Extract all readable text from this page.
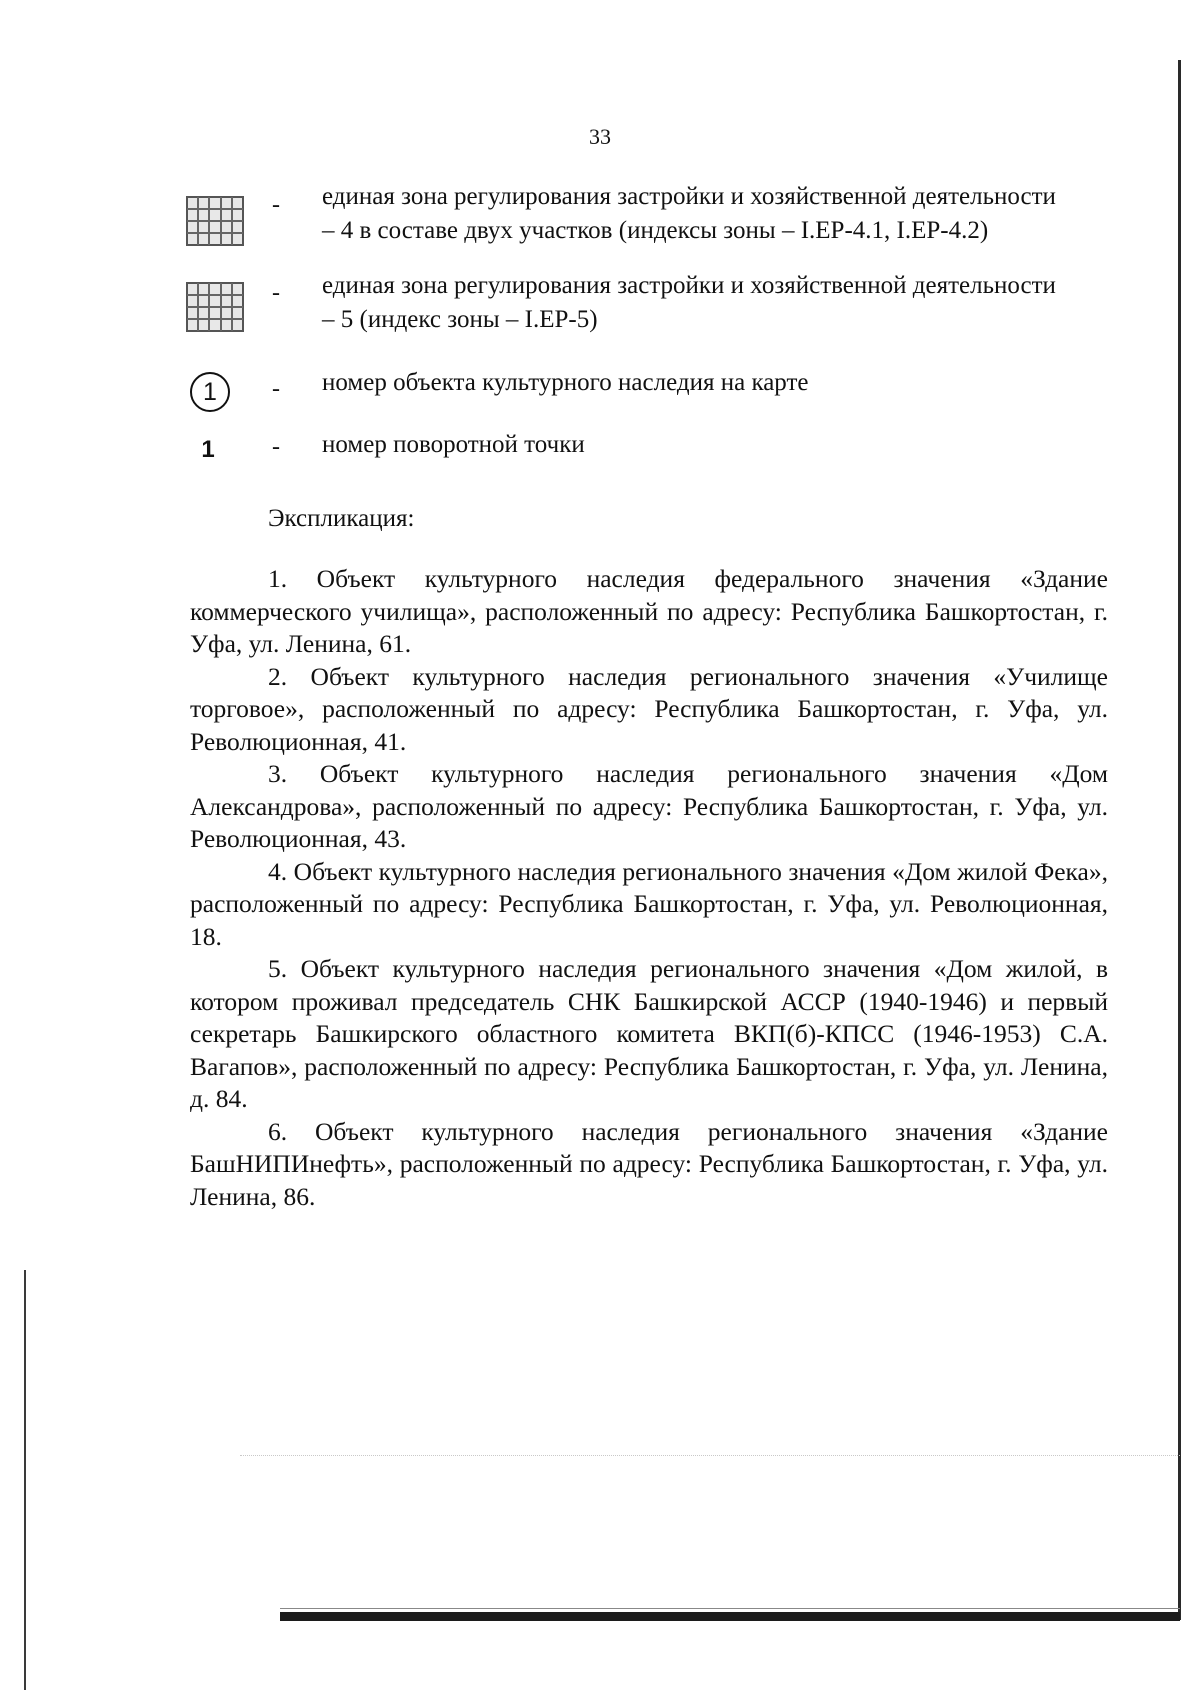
33
- единая зона регулирования застройки и хозяйственной деятельности – 4 в составе двух участков (индексы зоны – I.ЕР-4.1, I.ЕР-4.2)
- единая зона регулирования застройки и хозяйственной деятельности – 5 (индекс зоны – I.ЕР-5)
1	- номер объекта культурного наследия на карте
1	- номер поворотной точки
Экспликация:

1. Объект культурного наследия федерального значения «Здание коммерческого училища», расположенный по адресу: Республика Башкортостан, г. Уфа, ул. Ленина, 61.

2. Объект культурного наследия регионального значения «Училище торговое», расположенный по адресу: Республика Башкортостан, г. Уфа, ул. Революционная, 41.

3. Объект культурного наследия регионального значения «Дом Александрова», расположенный по адресу: Республика Башкортостан, г. Уфа, ул. Революционная, 43.

4. Объект культурного наследия регионального значения «Дом жилой Фека», расположенный по адресу: Республика Башкортостан, г. Уфа, ул. Революционная, 18.

5. Объект культурного наследия регионального значения «Дом жилой, в котором проживал председатель СНК Башкирской АССР (1940-1946) и первый секретарь Башкирского областного комитета ВКП(б)-КПСС (1946-1953) С.А. Вагапов», расположенный по адресу: Республика Башкортостан, г. Уфа, ул. Ленина, д. 84.

6. Объект культурного наследия регионального значения «Здание БашНИПИнефть», расположенный по адресу: Республика Башкортостан, г. Уфа, ул. Ленина, 86.
